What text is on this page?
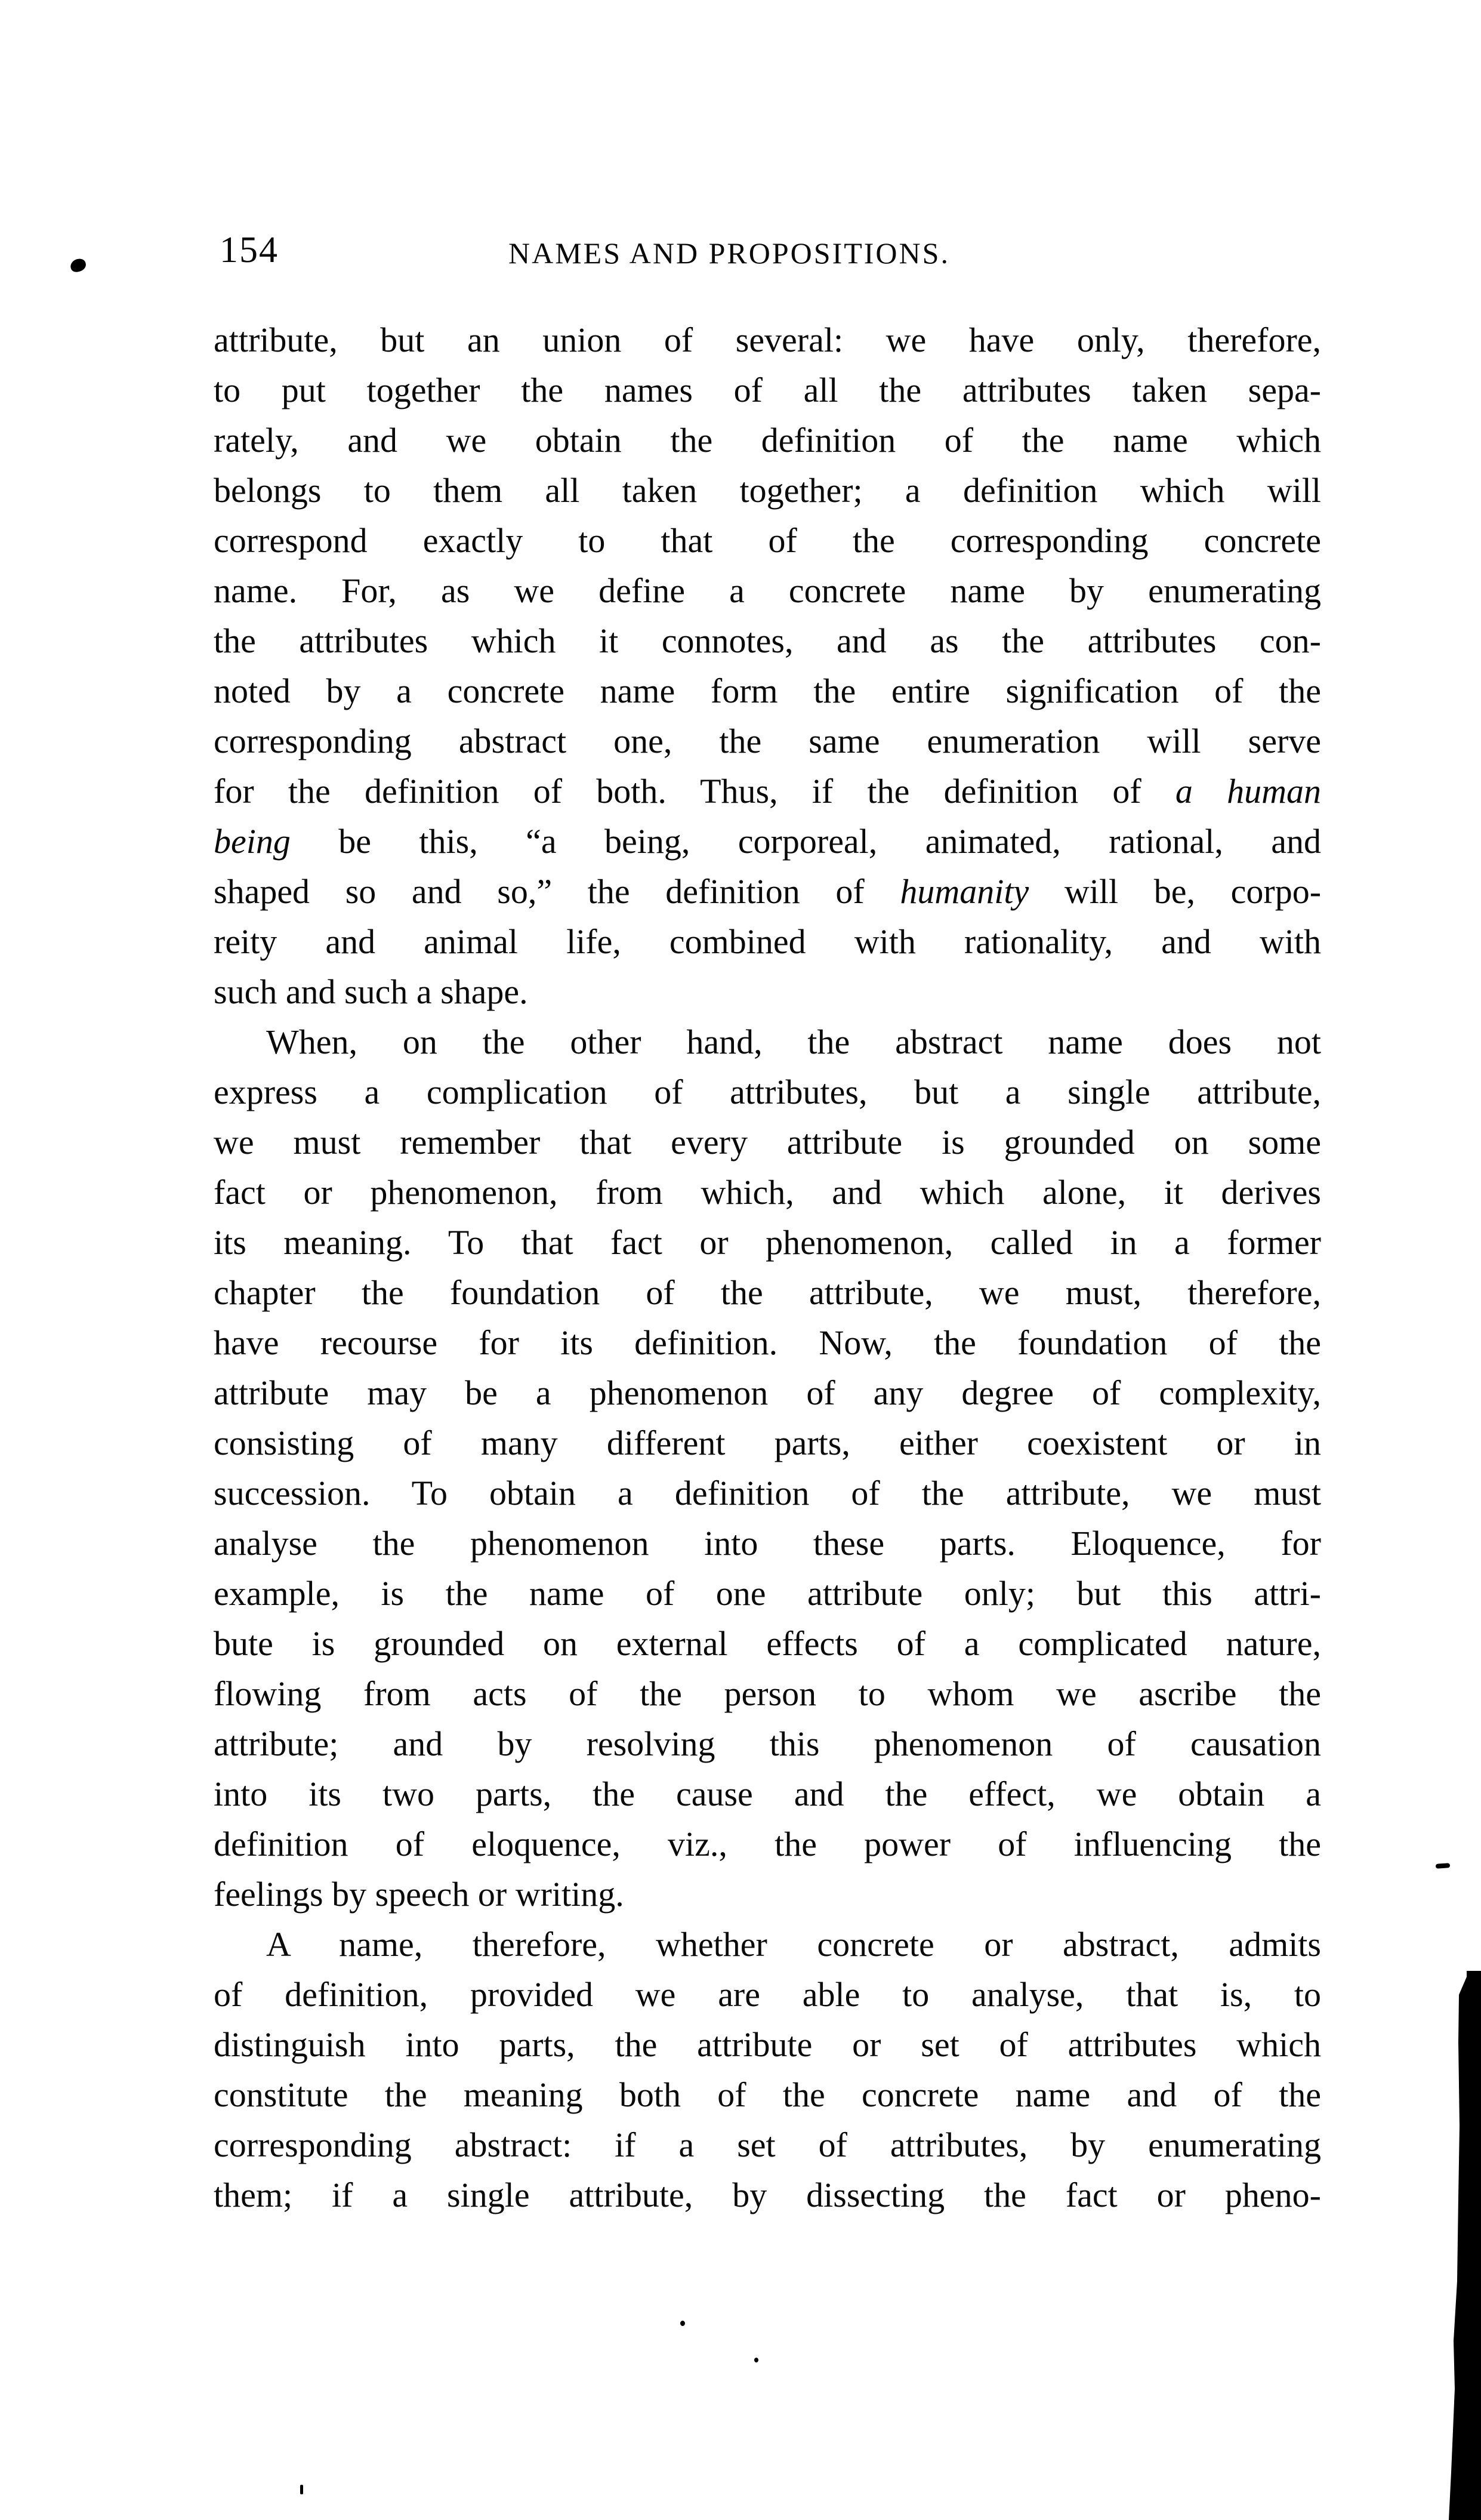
154	NAMES AND PROPOSITIONS.
attribute, but an union of several: we have only, therefore,
to put together the names of all the attributes taken sepa-
rately, and we obtain the definition of the name which
belongs to them all taken together; a definition which will
correspond exactly to that of the corresponding concrete
name. For, as we define a concrete name by enumerating
the attributes which it connotes, and as the attributes con-
noted by a concrete name form the entire signification of the
corresponding abstract one, the same enumeration will serve
for the definition of both. Thus, if the definition of a human
being be this, “a being, corporeal, animated, rational, and
shaped so and so,” the definition of humanity will be, corpo-
reity and animal life, combined with rationality, and with
such and such a shape.
When, on the other hand, the abstract name does not
express a complication of attributes, but a single attribute,
we must remember that every attribute is grounded on some
fact or phenomenon, from which, and which alone, it derives
its meaning. To that fact or phenomenon, called in a former
chapter the foundation of the attribute, we must, therefore,
have recourse for its definition. Now, the foundation of the
attribute may be a phenomenon of any degree of complexity,
consisting of many different parts, either coexistent or in
succession. To obtain a definition of the attribute, we must
analyse the phenomenon into these parts. Eloquence, for
example, is the name of one attribute only; but this attri-
bute is grounded on external effects of a complicated nature,
flowing from acts of the person to whom we ascribe the
attribute; and by resolving this phenomenon of causation
into its two parts, the cause and the effect, we obtain a
definition of eloquence, viz., the power of influencing the
feelings by speech or writing.
A name, therefore, whether concrete or abstract, admits
of definition, provided we are able to analyse, that is, to
distinguish into parts, the attribute or set of attributes which
constitute the meaning both of the concrete name and of the
corresponding abstract: if a set of attributes, by enumerating
them; if a single attribute, by dissecting the fact or pheno-
